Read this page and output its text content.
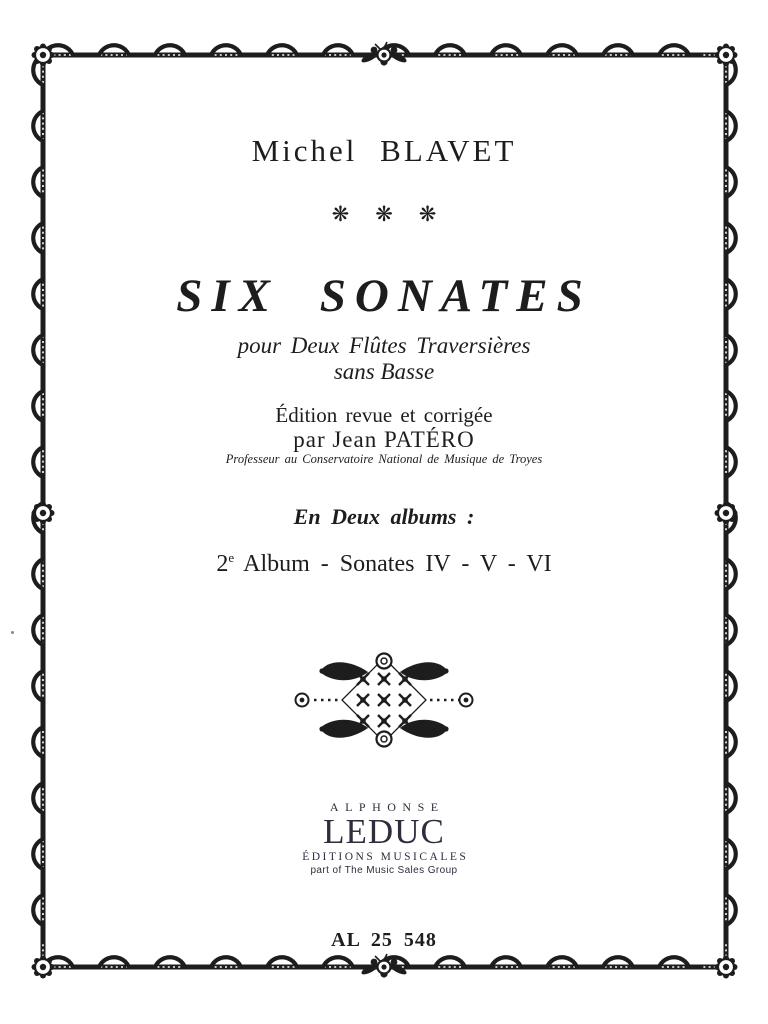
Michel BLAVET
❋ ❋ ❋
SIX SONATES
pour Deux Flûtes Traversières
sans Basse
Édition revue et corrigée
par Jean PATÉRO
Professeur au Conservatoire National de Musique de Troyes
En Deux albums :
2e Album - Sonates IV - V - VI

ALPHONSE

LEDUC

ÉDITIONS MUSICALES

part of The Music Sales Group

AL 25 548
